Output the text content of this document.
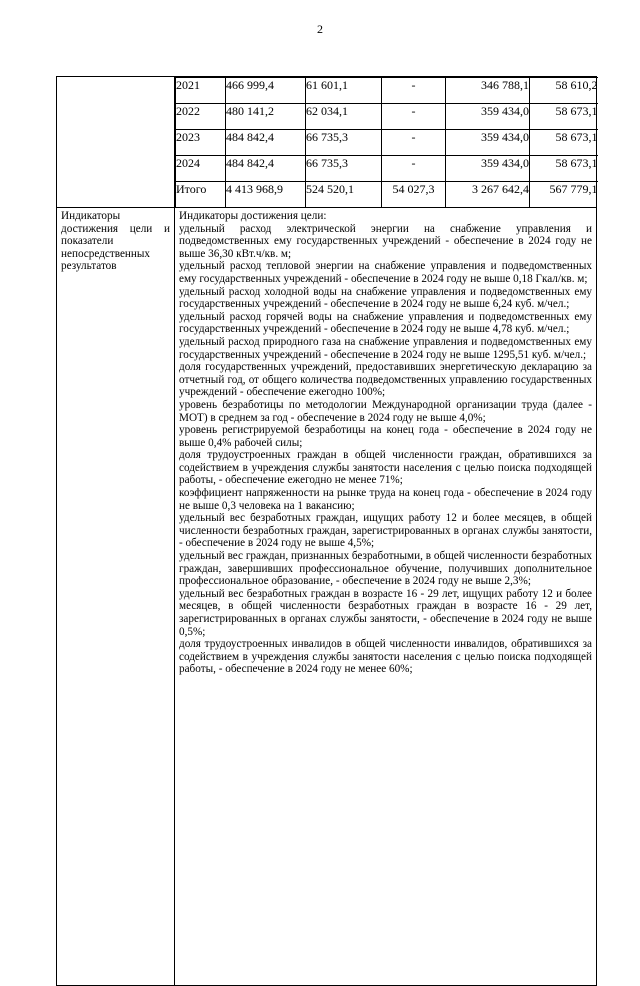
2

2021	466 999,4	61 601,1	-	346 788,1	58 610,2
2022	480 141,2	62 034,1	-	359 434,0	58 673,1
2023	484 842,4	66 735,3	-	359 434,0	58 673,1
2024	484 842,4	66 735,3	-	359 434,0	58 673,1
Итого	4 413 968,9	524 520,1	54 027,3	3 267 642,4	567 779,1

Индикаторы достижения цели и показатели непосредственных результатов	

Индикаторы достижения цели:

удельный расход электрической энергии на снабжение управления и подведомственных ему государственных учреждений - обеспечение в 2024 году не выше 36,30 кВт.ч/кв. м;

удельный расход тепловой энергии на снабжение управления и подведомственных ему государственных учреждений - обеспечение в 2024 году не выше 0,18 Гкал/кв. м;

удельный расход холодной воды на снабжение управления и подведомственных ему государственных учреждений - обеспечение в 2024 году не выше 6,24 куб. м/чел.;

удельный расход горячей воды на снабжение управления и подведомственных ему государственных учреждений - обеспечение в 2024 году не выше 4,78 куб. м/чел.;

удельный расход природного газа на снабжение управления и подведомственных ему государственных учреждений - обеспечение в 2024 году не выше 1295,51 куб. м/чел.;

доля государственных учреждений, предоставивших энергетическую декларацию за отчетный год, от общего количества подведомственных управлению государственных учреждений - обеспечение ежегодно 100%;

уровень безработицы по методологии Международной организации труда (далее - МОТ) в среднем за год - обеспечение в 2024 году не выше 4,0%;

уровень регистрируемой безработицы на конец года - обеспечение в 2024 году не выше 0,4% рабочей силы;

доля трудоустроенных граждан в общей численности граждан, обратившихся за содействием в учреждения службы занятости населения с целью поиска подходящей работы, - обеспечение ежегодно не менее 71%;

коэффициент напряженности на рынке труда на конец года - обеспечение в 2024 году не выше 0,3 человека на 1 вакансию;

удельный вес безработных граждан, ищущих работу 12 и более месяцев, в общей численности безработных граждан, зарегистрированных в органах службы занятости, - обеспечение в 2024 году не выше 4,5%;

удельный вес граждан, признанных безработными, в общей численности безработных граждан, завершивших профессиональное обучение, получивших дополнительное профессиональное образование, - обеспечение в 2024 году не выше 2,3%;

удельный вес безработных граждан в возрасте 16 - 29 лет, ищущих работу 12 и более месяцев, в общей численности безработных граждан в возрасте 16 - 29 лет, зарегистрированных в органах службы занятости, - обеспечение в 2024 году не выше 0,5%;

доля трудоустроенных инвалидов в общей численности инвалидов, обратившихся за содействием в учреждения службы занятости населения с целью поиска подходящей работы, - обеспечение в 2024 году не менее 60%;
